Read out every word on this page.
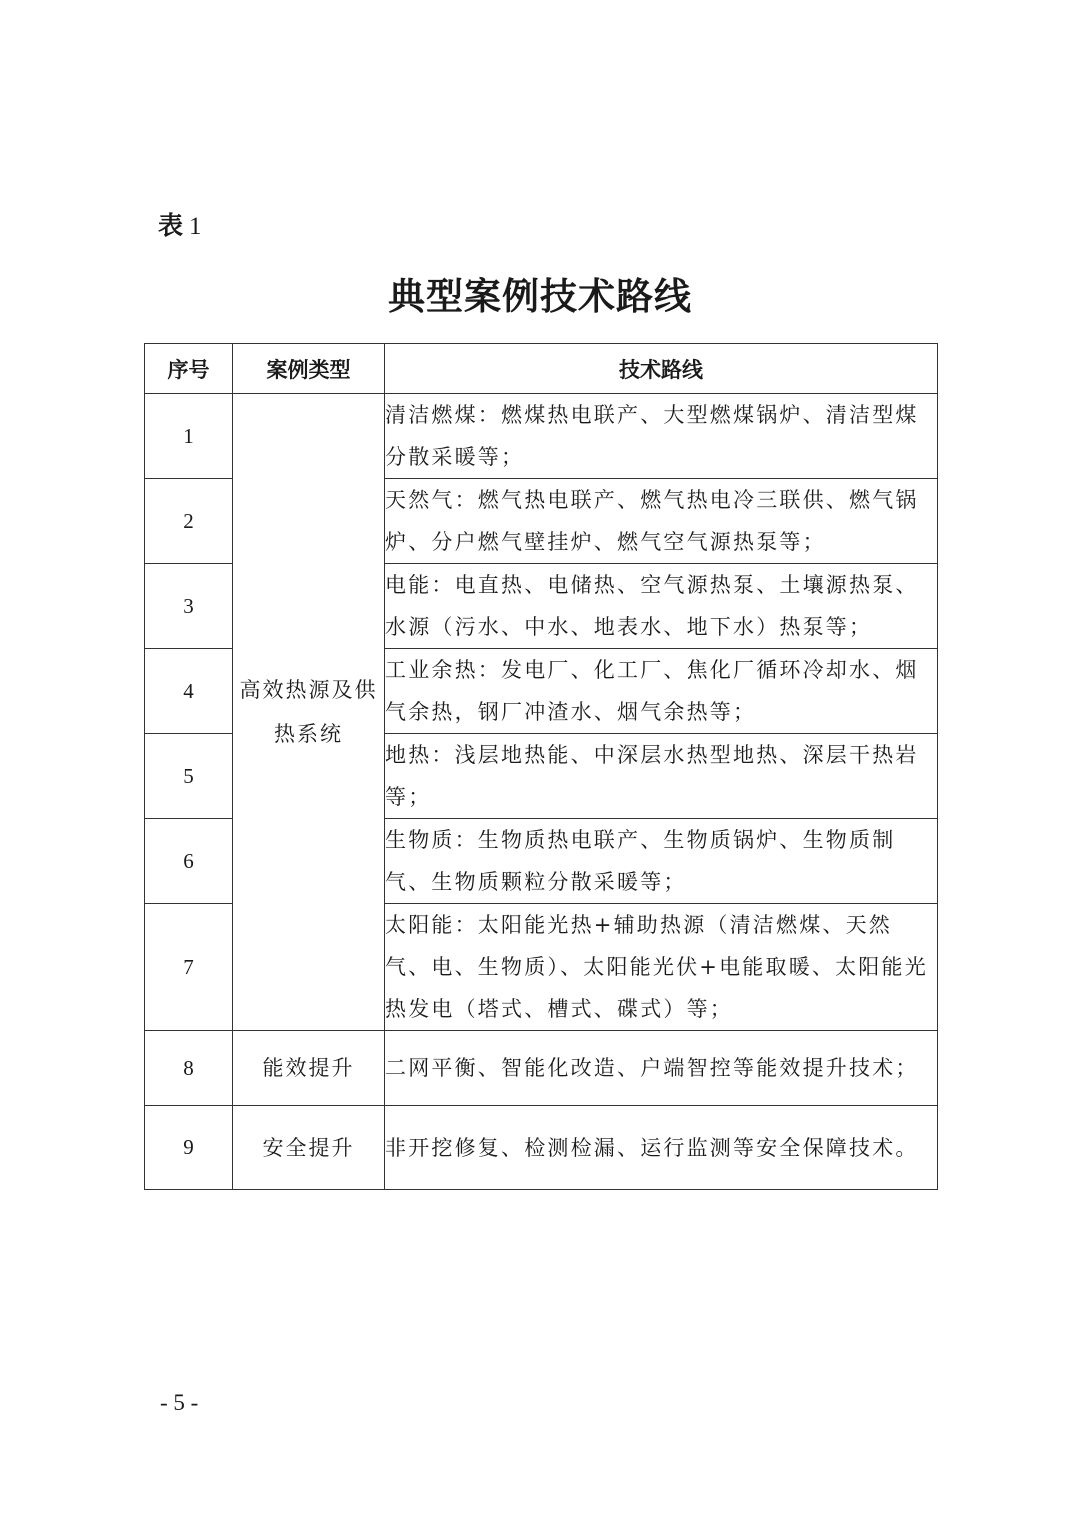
表 1
典型案例技术路线
序号	案例类型	技术路线
1	高效热源及供热系统	清洁燃煤：燃煤热电联产、大型燃煤锅炉、清洁型煤分散采暖等；
2		天然气：燃气热电联产、燃气热电冷三联供、燃气锅炉、分户燃气壁挂炉、燃气空气源热泵等；
3		电能：电直热、电储热、空气源热泵、土壤源热泵、水源（污水、中水、地表水、地下水）热泵等；
4		工业余热：发电厂、化工厂、焦化厂循环冷却水、烟气余热，钢厂冲渣水、烟气余热等；
5		地热：浅层地热能、中深层水热型地热、深层干热岩等；
6		生物质：生物质热电联产、生物质锅炉、生物质制气、生物质颗粒分散采暖等；
7		太阳能：太阳能光热+辅助热源（清洁燃煤、天然气、电、生物质）、太阳能光伏+电能取暖、太阳能光热发电（塔式、槽式、碟式）等；
8	能效提升	二网平衡、智能化改造、户端智控等能效提升技术；
9	安全提升	非开挖修复、检测检漏、运行监测等安全保障技术。
- 5 -
